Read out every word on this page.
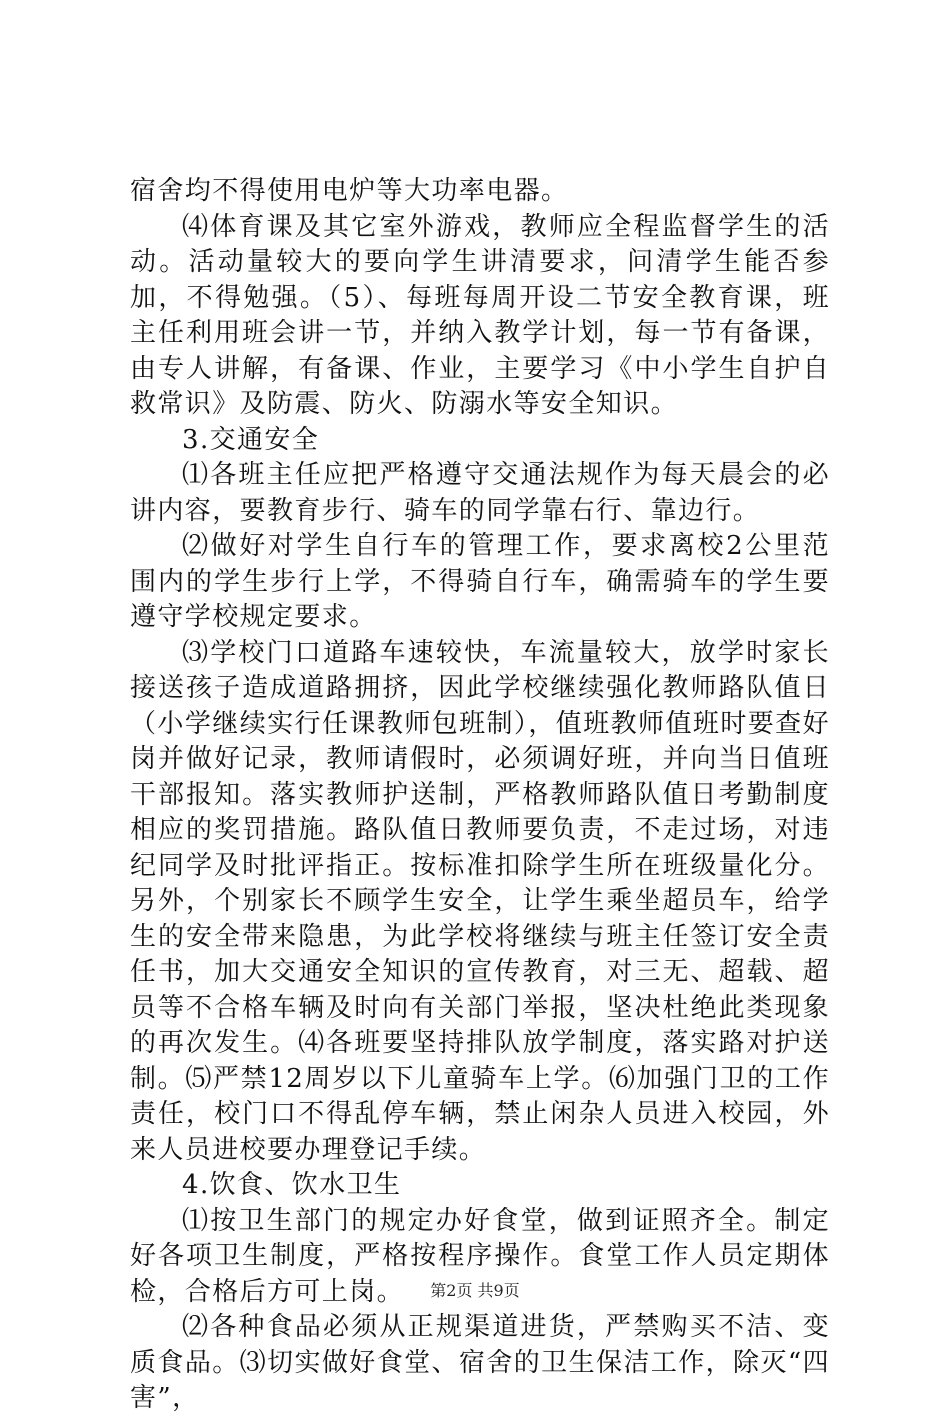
宿舍均不得使用电炉等大功率电器。

⑷体育课及其它室外游戏，教师应全程监督学生的活动。活动量较大的要向学生讲清要求，问清学生能否参加，不得勉强。（5）、每班每周开设二节安全教育课，班主任利用班会讲一节，并纳入教学计划，每一节有备课，由专人讲解，有备课、作业，主要学习《中小学生自护自救常识》及防震、防火、防溺水等安全知识。

3.交通安全

⑴各班主任应把严格遵守交通法规作为每天晨会的必讲内容，要教育步行、骑车的同学靠右行、靠边行。

⑵做好对学生自行车的管理工作，要求离校2公里范围内的学生步行上学，不得骑自行车，确需骑车的学生要遵守学校规定要求。

⑶学校门口道路车速较快，车流量较大，放学时家长接送孩子造成道路拥挤，因此学校继续强化教师路队值日（小学继续实行任课教师包班制），值班教师值班时要查好岗并做好记录，教师请假时，必须调好班，并向当日值班干部报知。落实教师护送制，严格教师路队值日考勤制度相应的奖罚措施。路队值日教师要负责，不走过场，对违纪同学及时批评指正。按标准扣除学生所在班级量化分。另外，个别家长不顾学生安全，让学生乘坐超员车，给学生的安全带来隐患，为此学校将继续与班主任签订安全责任书，加大交通安全知识的宣传教育，对三无、超载、超员等不合格车辆及时向有关部门举报，坚决杜绝此类现象的再次发生。⑷各班要坚持排队放学制度，落实路对护送制。⑸严禁12周岁以下儿童骑车上学。⑹加强门卫的工作责任，校门口不得乱停车辆，禁止闲杂人员进入校园，外来人员进校要办理登记手续。

4.饮食、饮水卫生

⑴按卫生部门的规定办好食堂，做到证照齐全。制定好各项卫生制度，严格按程序操作。食堂工作人员定期体检，合格后方可上岗。

⑵各种食品必须从正规渠道进货，严禁购买不洁、变质食品。⑶切实做好食堂、宿舍的卫生保洁工作，除灭“四害”，

第2页 共9页
